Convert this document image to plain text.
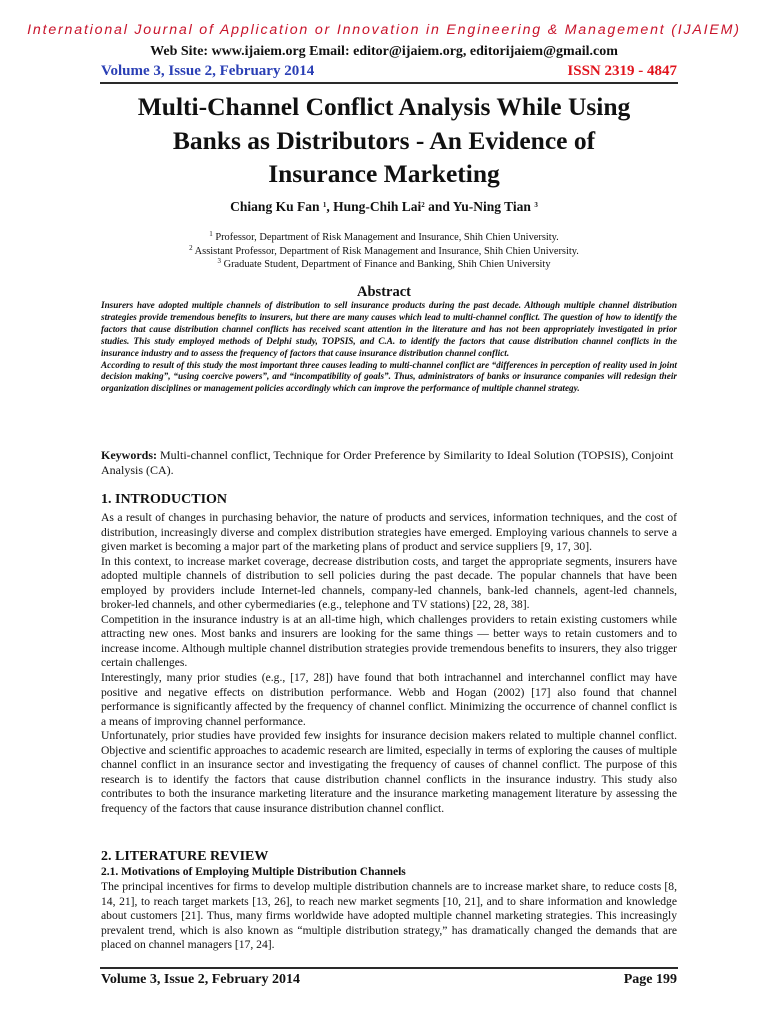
International Journal of Application or Innovation in Engineering & Management (IJAIEM)
Web Site: www.ijaiem.org Email: editor@ijaiem.org, editorijaiem@gmail.com
Volume 3, Issue 2, February 2014	ISSN 2319 - 4847
Multi-Channel Conflict Analysis While Using
Banks as Distributors - An Evidence of
Insurance Marketing
Chiang Ku Fan $^1$, Hung-Chih Lai$^2$ and Yu-Ning Tian $^3$
$^1$ Professor, Department of Risk Management and Insurance, Shih Chien University.
$^2$ Assistant Professor, Department of Risk Management and Insurance, Shih Chien University.
$^3$ Graduate Student, Department of Finance and Banking, Shih Chien University
Abstract

Insurers have adopted multiple channels of distribution to sell insurance products during the past decade. Although multiple channel distribution strategies provide tremendous benefits to insurers, but there are many causes which lead to multi-channel conflict. The question of how to identify the factors that cause distribution channel conflicts has received scant attention in the literature and has not been appropriately investigated in prior studies. This study employed methods of Delphi study, TOPSIS, and C.A. to identify the factors that cause distribution channel conflicts in the insurance industry and to assess the frequency of factors that cause insurance distribution channel conflict.

According to result of this study the most important three causes leading to multi-channel conflict are “differences in perception of reality used in joint decision making”, “using coercive powers”, and “incompatibility of goals”. Thus, administrators of banks or insurance companies will redesign their organization disciplines or management policies accordingly which can improve the performance of multiple channel strategy.

Keywords: Multi-channel conflict, Technique for Order Preference by Similarity to Ideal Solution (TOPSIS), Conjoint Analysis (CA).
1. INTRODUCTION

As a result of changes in purchasing behavior, the nature of products and services, information techniques, and the cost of distribution, increasingly diverse and complex distribution strategies have emerged. Employing various channels to serve a given market is becoming a major part of the marketing plans of product and service suppliers [9, 17, 30].

In this context, to increase market coverage, decrease distribution costs, and target the appropriate segments, insurers have adopted multiple channels of distribution to sell policies during the past decade. The popular channels that have been employed by providers include Internet-led channels, company-led channels, bank-led channels, agent-led channels, broker-led channels, and other cybermediaries (e.g., telephone and TV stations) [22, 28, 38].

Competition in the insurance industry is at an all-time high, which challenges providers to retain existing customers while attracting new ones. Most banks and insurers are looking for the same things — better ways to retain customers and to increase income. Although multiple channel distribution strategies provide tremendous benefits to insurers, they also trigger certain challenges.

Interestingly, many prior studies (e.g., [17, 28]) have found that both intrachannel and interchannel conflict may have positive and negative effects on distribution performance. Webb and Hogan (2002) [17] also found that channel performance is significantly affected by the frequency of channel conflict. Minimizing the occurrence of channel conflict is a means of improving channel performance.

Unfortunately, prior studies have provided few insights for insurance decision makers related to multiple channel conflict. Objective and scientific approaches to academic research are limited, especially in terms of exploring the causes of multiple channel conflict in an insurance sector and investigating the frequency of causes of channel conflict. The purpose of this research is to identify the factors that cause distribution channel conflicts in the insurance industry. This study also contributes to both the insurance marketing literature and the insurance marketing management literature by assessing the frequency of the factors that cause insurance distribution channel conflict.

2. LITERATURE REVIEW
2.1. Motivations of Employing Multiple Distribution Channels

The principal incentives for firms to develop multiple distribution channels are to increase market share, to reduce costs [8, 14, 21], to reach target markets [13, 26], to reach new market segments [10, 21], and to share information and knowledge about customers [21]. Thus, many firms worldwide have adopted multiple channel marketing strategies. This increasingly prevalent trend, which is also known as “multiple distribution strategy,” has dramatically changed the demands that are placed on channel managers [17, 24].

Volume 3, Issue 2, February 2014	Page 199
